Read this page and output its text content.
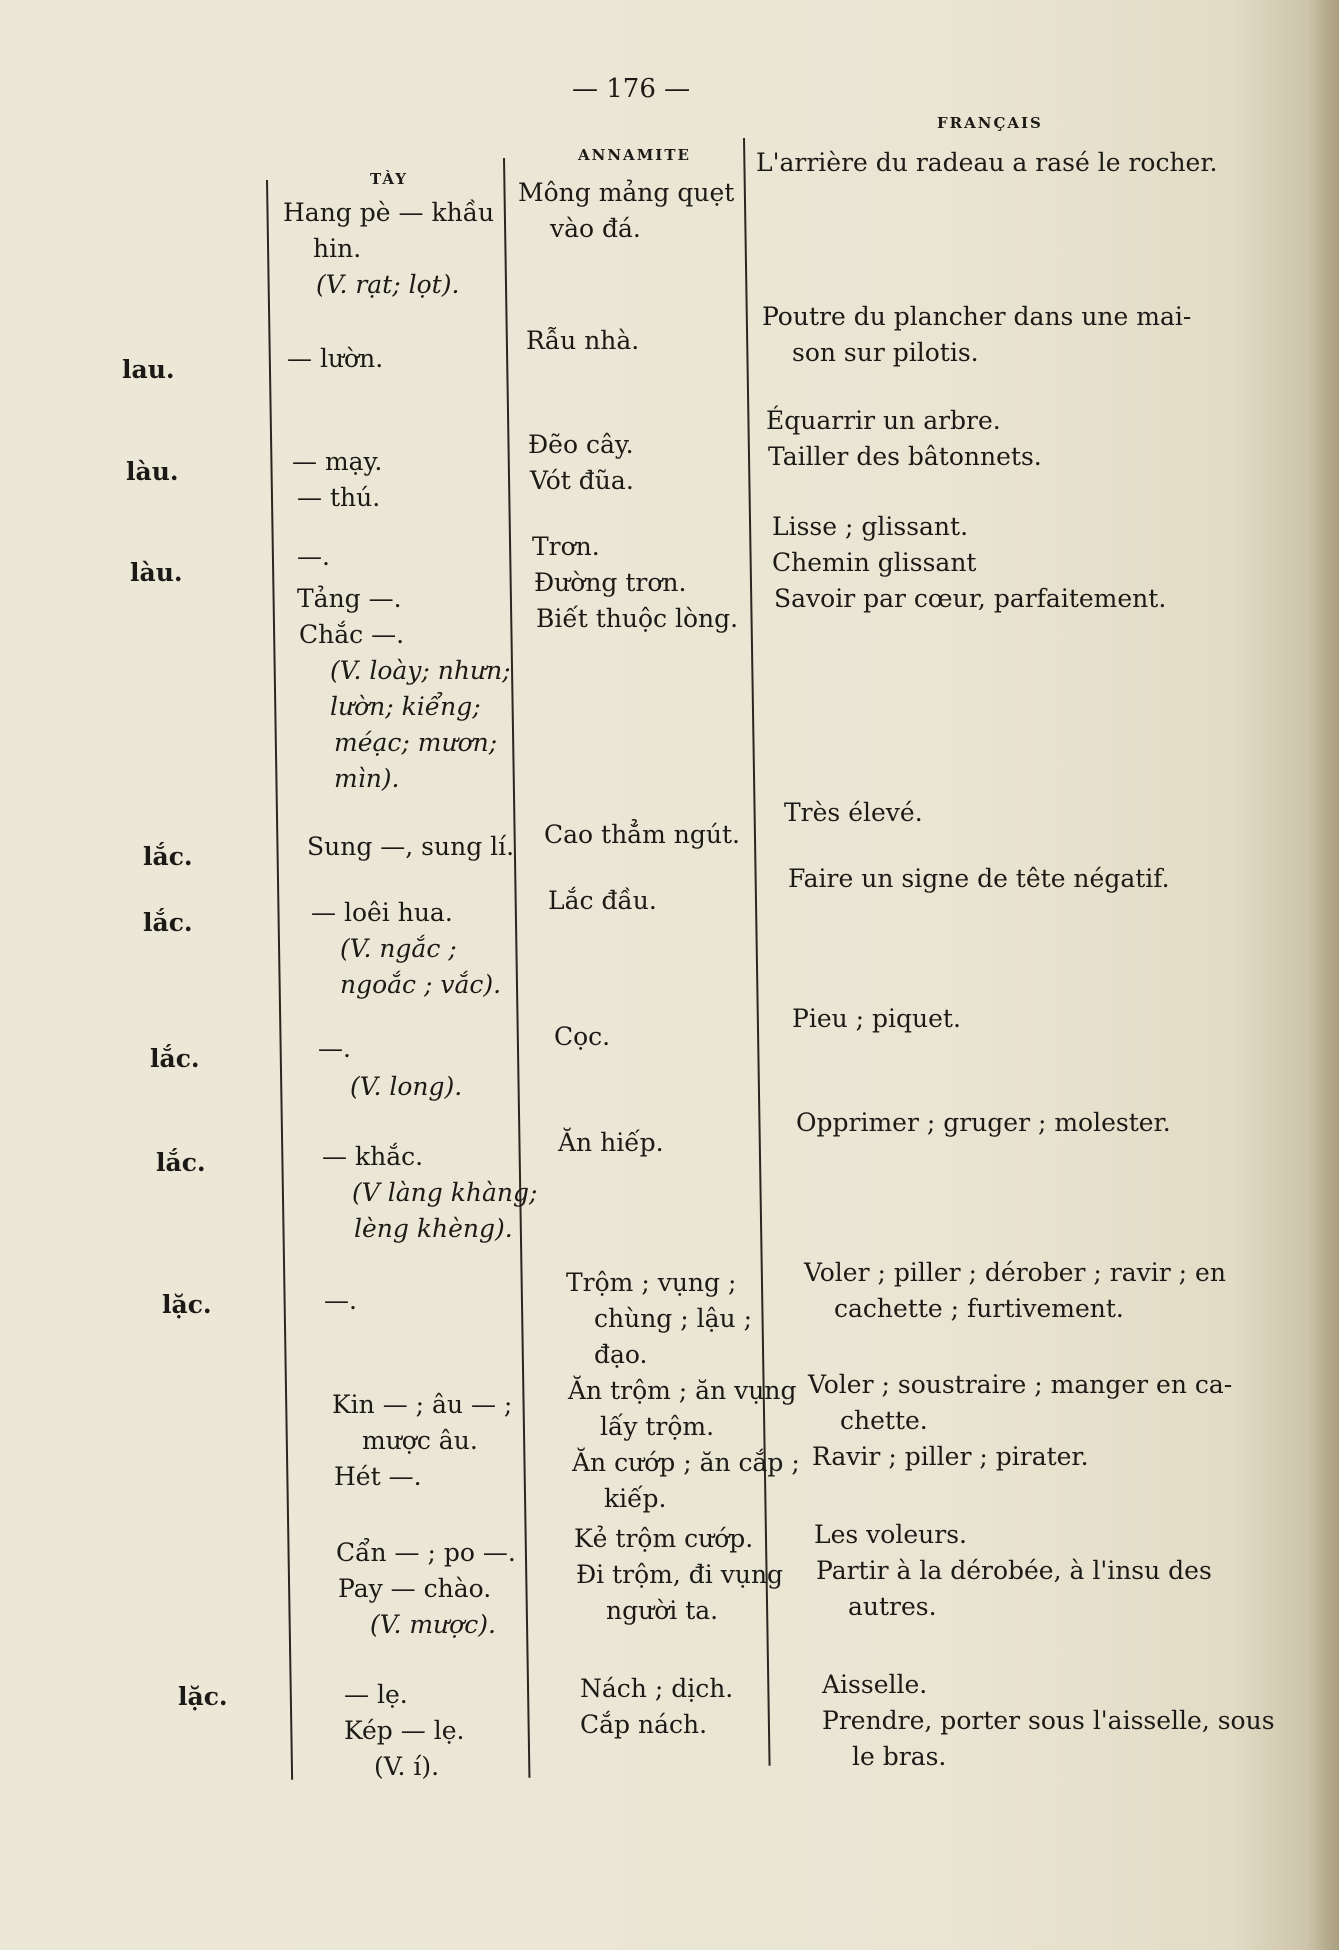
— 176 —
TÀY
ANNAMITE
FRANÇAIS
lau.
làu.
làu.
lắc.
lắc.
lắc.
lắc.
lặc.
lặc.
Hang pè — khầu
hin.
(V. rạt; lọt).
— lườn.
— mạy.
— thú.
—.
Tảng —.
Chắc —.
(V. loày; nhưn;
lườn; kiểng;
méạc; mươn;
mìn).
Sung —, sung lí.
— loêi hua.
(V. ngắc ;
ngoắc ; vắc).
—.
(V. long).
— khắc.
(V làng khàng;
lèng khèng).
—.
Kin — ; âu — ;
mược âu.
Hét —.
Cẩn — ; po —.
Pay — chào.
(V. mược).
— lẹ.
Kép — lẹ.
(V. í).
Mông mảng quẹt
vào đá.
Rẫu nhà.
Đẽo cây.
Vót đũa.
Trơn.
Đường trơn.
Biết thuộc lòng.
Cao thẳm ngút.
Lắc đầu.
Cọc.
Ăn hiếp.
Trộm ; vụng ;
chùng ; lậu ;
đạo.
Ăn trộm ; ăn vụng
lấy trộm.
Ăn cướp ; ăn cắp ;
kiếp.
Kẻ trộm cướp.
Đi trộm, đi vụng
người ta.
Nách ; dịch.
Cắp nách.
L'arrière du radeau a rasé le rocher.
Poutre du plancher dans une mai-
son sur pilotis.
Équarrir un arbre.
Tailler des bâtonnets.
Lisse ; glissant.
Chemin glissant
Savoir par cœur, parfaitement.
Très élevé.
Faire un signe de tête négatif.
Pieu ; piquet.
Opprimer ; gruger ; molester.
Voler ; piller ; dérober ; ravir ; en
cachette ; furtivement.
Voler ; soustraire ; manger en ca-
chette.
Ravir ; piller ; pirater.
Les voleurs.
Partir à la dérobée, à l'insu des
autres.
Aisselle.
Prendre, porter sous l'aisselle, sous
le bras.
